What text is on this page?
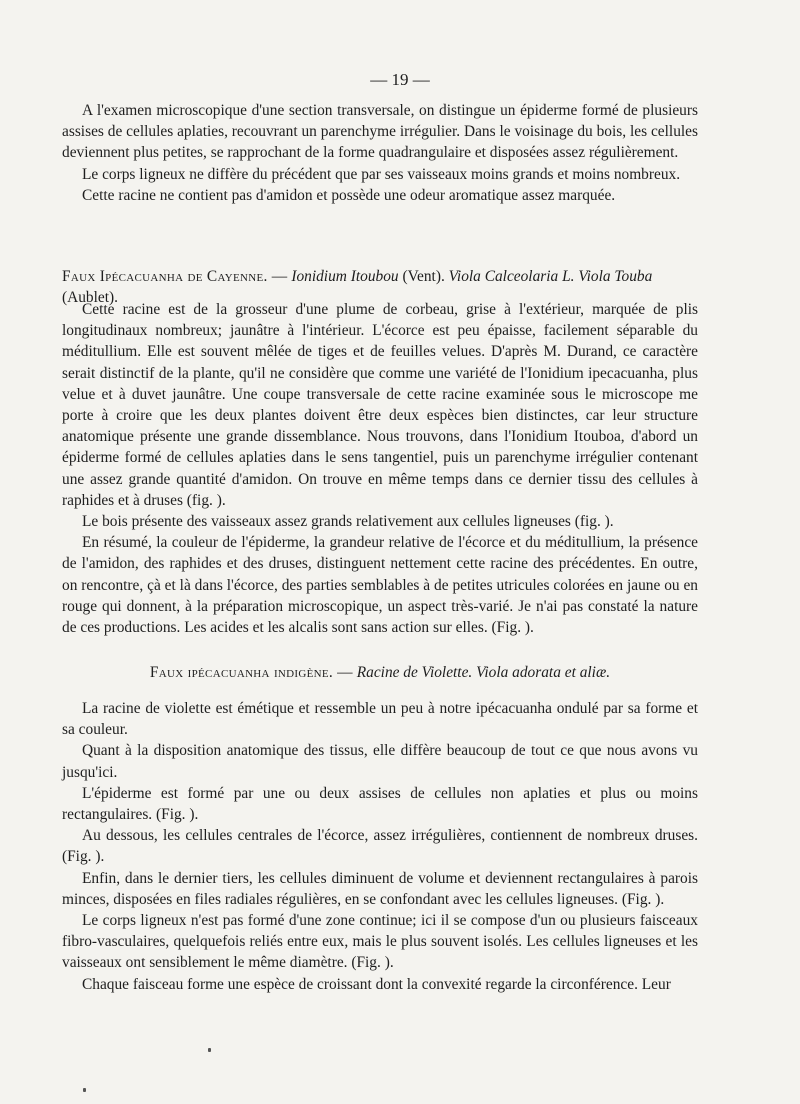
— 19 —

A l'examen microscopique d'une section transversale, on distingue un épiderme formé de plusieurs assises de cellules aplaties, recouvrant un parenchyme irrégulier. Dans le voisinage du bois, les cellules deviennent plus petites, se rapprochant de la forme quadrangulaire et disposées assez régulièrement.

Le corps ligneux ne diffère du précédent que par ses vaisseaux moins grands et moins nombreux.

Cette racine ne contient pas d'amidon et possède une odeur aromatique assez marquée.

Faux Ipécacuanha de Cayenne. — Ionidium Itoubou (Vent). Viola Calceolaria L. Viola Touba (Aublet).

Cette racine est de la grosseur d'une plume de corbeau, grise à l'extérieur, marquée de plis longitudinaux nombreux; jaunâtre à l'intérieur. L'écorce est peu épaisse, facilement séparable du méditullium. Elle est souvent mêlée de tiges et de feuilles velues. D'après M. Durand, ce caractère serait distinctif de la plante, qu'il ne considère que comme une variété de l'Ionidium ipecacuanha, plus velue et à duvet jaunâtre. Une coupe transversale de cette racine examinée sous le microscope me porte à croire que les deux plantes doivent être deux espèces bien distinctes, car leur structure anatomique présente une grande dissemblance. Nous trouvons, dans l'Ionidium Itouboa, d'abord un épiderme formé de cellules aplaties dans le sens tangentiel, puis un parenchyme irrégulier contenant une assez grande quantité d'amidon. On trouve en même temps dans ce dernier tissu des cellules à raphides et à druses (fig. ).

Le bois présente des vaisseaux assez grands relativement aux cellules ligneuses (fig. ).

En résumé, la couleur de l'épiderme, la grandeur relative de l'écorce et du méditullium, la présence de l'amidon, des raphides et des druses, distinguent nettement cette racine des précédentes. En outre, on rencontre, çà et là dans l'écorce, des parties semblables à de petites utricules colorées en jaune ou en rouge qui donnent, à la préparation microscopique, un aspect très-varié. Je n'ai pas constaté la nature de ces productions. Les acides et les alcalis sont sans action sur elles. (Fig. ).

Faux ipécacuanha indigène. — Racine de Violette. Viola adorata et aliæ.

La racine de violette est émétique et ressemble un peu à notre ipécacuanha ondulé par sa forme et sa couleur.

Quant à la disposition anatomique des tissus, elle diffère beaucoup de tout ce que nous avons vu jusqu'ici.

L'épiderme est formé par une ou deux assises de cellules non aplaties et plus ou moins rectangulaires. (Fig. ).

Au dessous, les cellules centrales de l'écorce, assez irrégulières, contiennent de nombreux druses. (Fig. ).

Enfin, dans le dernier tiers, les cellules diminuent de volume et deviennent rectangulaires à parois minces, disposées en files radiales régulières, en se confondant avec les cellules ligneuses. (Fig. ).

Le corps ligneux n'est pas formé d'une zone continue; ici il se compose d'un ou plusieurs faisceaux fibro-vasculaires, quelquefois reliés entre eux, mais le plus souvent isolés. Les cellules ligneuses et les vaisseaux ont sensiblement le même diamètre. (Fig. ).

Chaque faisceau forme une espèce de croissant dont la convexité regarde la circonférence. Leur
